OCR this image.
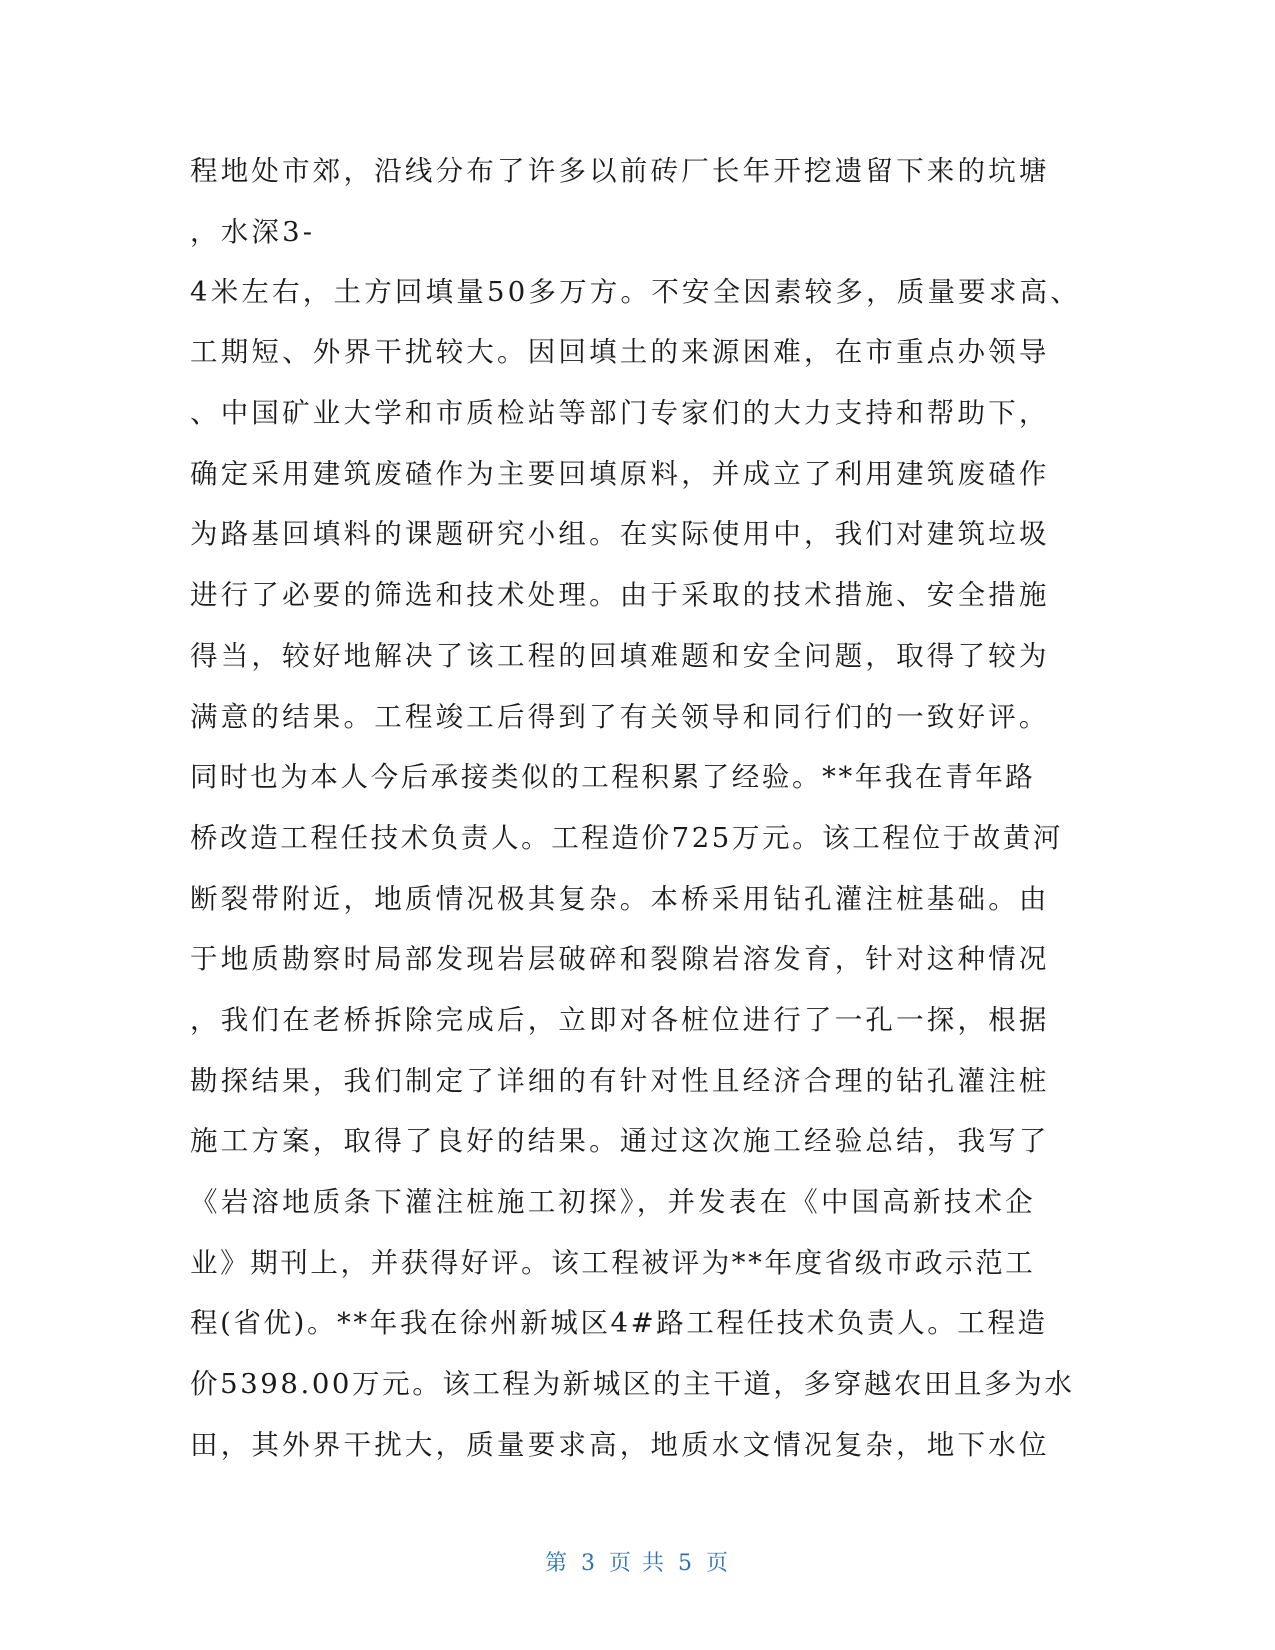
程地处市郊，沿线分布了许多以前砖厂长年开挖遗留下来的坑塘
，水深3-
4米左右，土方回填量50多万方。不安全因素较多，质量要求高、
工期短、外界干扰较大。因回填土的来源困难，在市重点办领导
、中国矿业大学和市质检站等部门专家们的大力支持和帮助下，
确定采用建筑废碴作为主要回填原料，并成立了利用建筑废碴作
为路基回填料的课题研究小组。在实际使用中，我们对建筑垃圾
进行了必要的筛选和技术处理。由于采取的技术措施、安全措施
得当，较好地解决了该工程的回填难题和安全问题，取得了较为
满意的结果。工程竣工后得到了有关领导和同行们的一致好评。
同时也为本人今后承接类似的工程积累了经验。**年我在青年路
桥改造工程任技术负责人。工程造价725万元。该工程位于故黄河
断裂带附近，地质情况极其复杂。本桥采用钻孔灌注桩基础。由
于地质勘察时局部发现岩层破碎和裂隙岩溶发育，针对这种情况
，我们在老桥拆除完成后，立即对各桩位进行了一孔一探，根据
勘探结果，我们制定了详细的有针对性且经济合理的钻孔灌注桩
施工方案，取得了良好的结果。通过这次施工经验总结，我写了
《岩溶地质条下灌注桩施工初探》，并发表在《中国高新技术企
业》期刊上，并获得好评。该工程被评为**年度省级市政示范工
程(省优)。**年我在徐州新城区4#路工程任技术负责人。工程造
价5398.00万元。该工程为新城区的主干道，多穿越农田且多为水
田，其外界干扰大，质量要求高，地质水文情况复杂，地下水位
第 3 页 共 5 页
